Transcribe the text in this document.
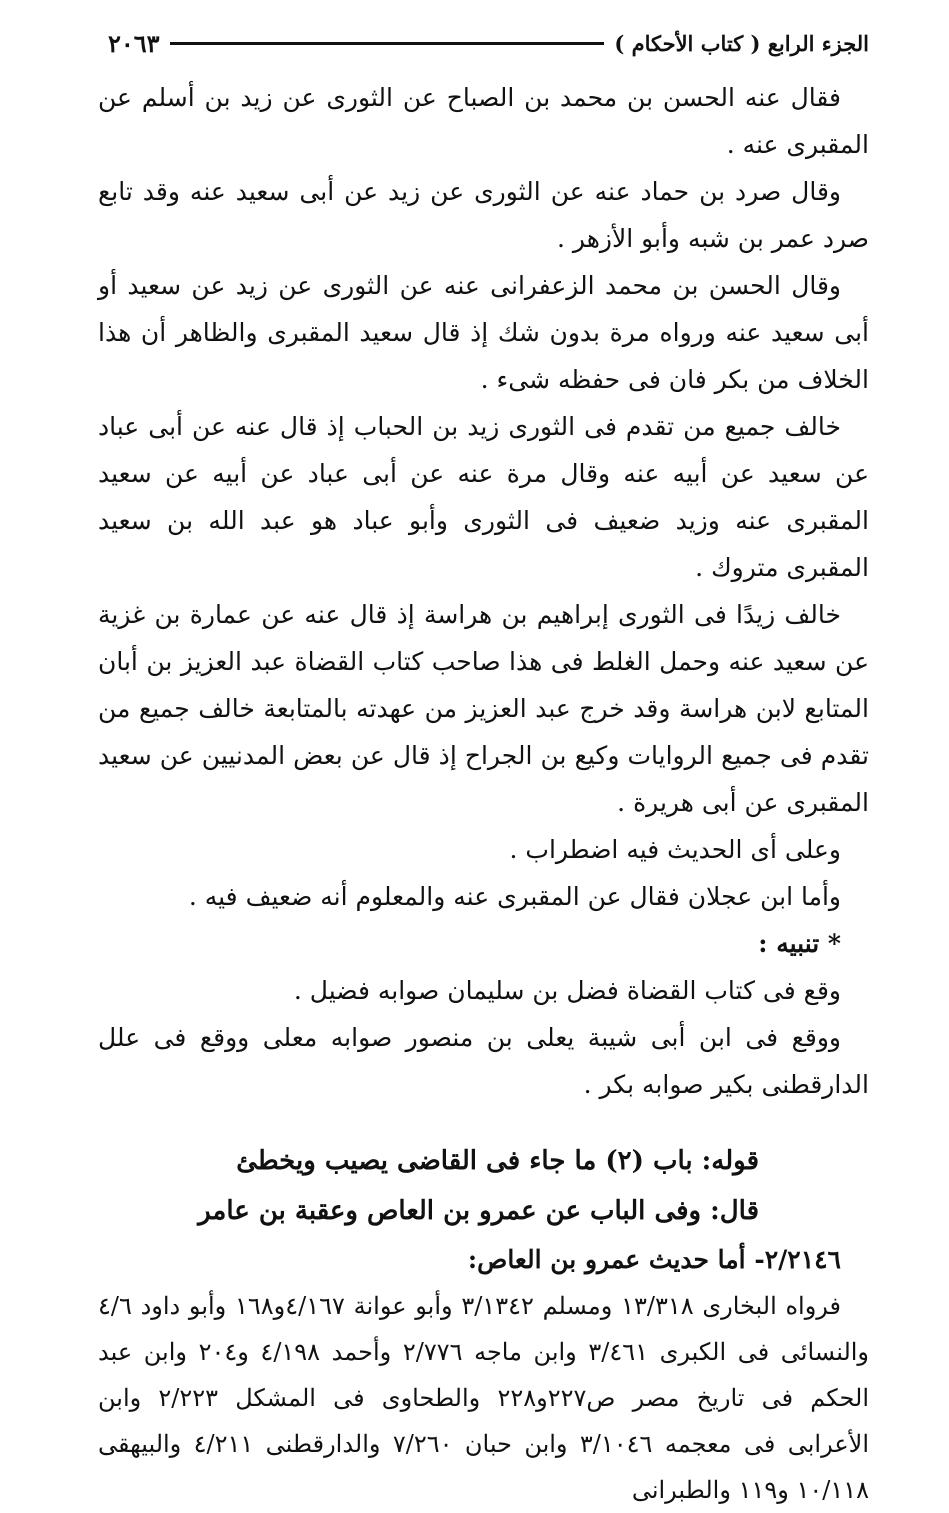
الجزء الرابع ( كتاب الأحكام )
٢٠٦٣

فقال عنه الحسن بن محمد بن الصباح عن الثورى عن زيد بن أسلم عن المقبرى عنه .

وقال صرد بن حماد عنه عن الثورى عن زيد عن أبى سعيد عنه وقد تابع صرد عمر بن شبه وأبو الأزهر .

وقال الحسن بن محمد الزعفرانى عنه عن الثورى عن زيد عن سعيد أو أبى سعيد عنه ورواه مرة بدون شك إذ قال سعيد المقبرى والظاهر أن هذا الخلاف من بكر فان فى حفظه شىء .

خالف جميع من تقدم فى الثورى زيد بن الحباب إذ قال عنه عن أبى عباد عن سعيد عن أبيه عنه وقال مرة عنه عن أبى عباد عن أبيه عن سعيد المقبرى عنه وزيد ضعيف فى الثورى وأبو عباد هو عبد الله بن سعيد المقبرى متروك .

خالف زيدًا فى الثورى إبراهيم بن هراسة إذ قال عنه عن عمارة بن غزية عن سعيد عنه وحمل الغلط فى هذا صاحب كتاب القضاة عبد العزيز بن أبان المتابع لابن هراسة وقد خرج عبد العزيز من عهدته بالمتابعة خالف جميع من تقدم فى جميع الروايات وكيع بن الجراح إذ قال عن بعض المدنيين عن سعيد المقبرى عن أبى هريرة .

وعلى أى الحديث فيه اضطراب .

وأما ابن عجلان فقال عن المقبرى عنه والمعلوم أنه ضعيف فيه .

* تنبيه :

وقع فى كتاب القضاة فضل بن سليمان صوابه فضيل .

ووقع فى ابن أبى شيبة يعلى بن منصور صوابه معلى ووقع فى علل الدارقطنى بكير صوابه بكر .

قوله: باب (٢) ما جاء فى القاضى يصيب ويخطئ

قال: وفى الباب عن عمرو بن العاص وعقبة بن عامر

٢/٢١٤٦- أما حديث عمرو بن العاص:

فرواه البخارى ١٣/٣١٨ ومسلم ٣/١٣٤٢ وأبو عوانة ٤/١٦٧و١٦٨ وأبو داود ٤/٦ والنسائى فى الكبرى ٣/٤٦١ وابن ماجه ٢/٧٧٦ وأحمد ٤/١٩٨ و٢٠٤ وابن عبد الحكم فى تاريخ مصر ص٢٢٧و٢٢٨ والطحاوى فى المشكل ٢/٢٢٣ وابن الأعرابى فى معجمه ٣/١٠٤٦ وابن حبان ٧/٢٦٠ والدارقطنى ٤/٢١١ والبيهقى ١٠/١١٨ و١١٩ والطبرانى
